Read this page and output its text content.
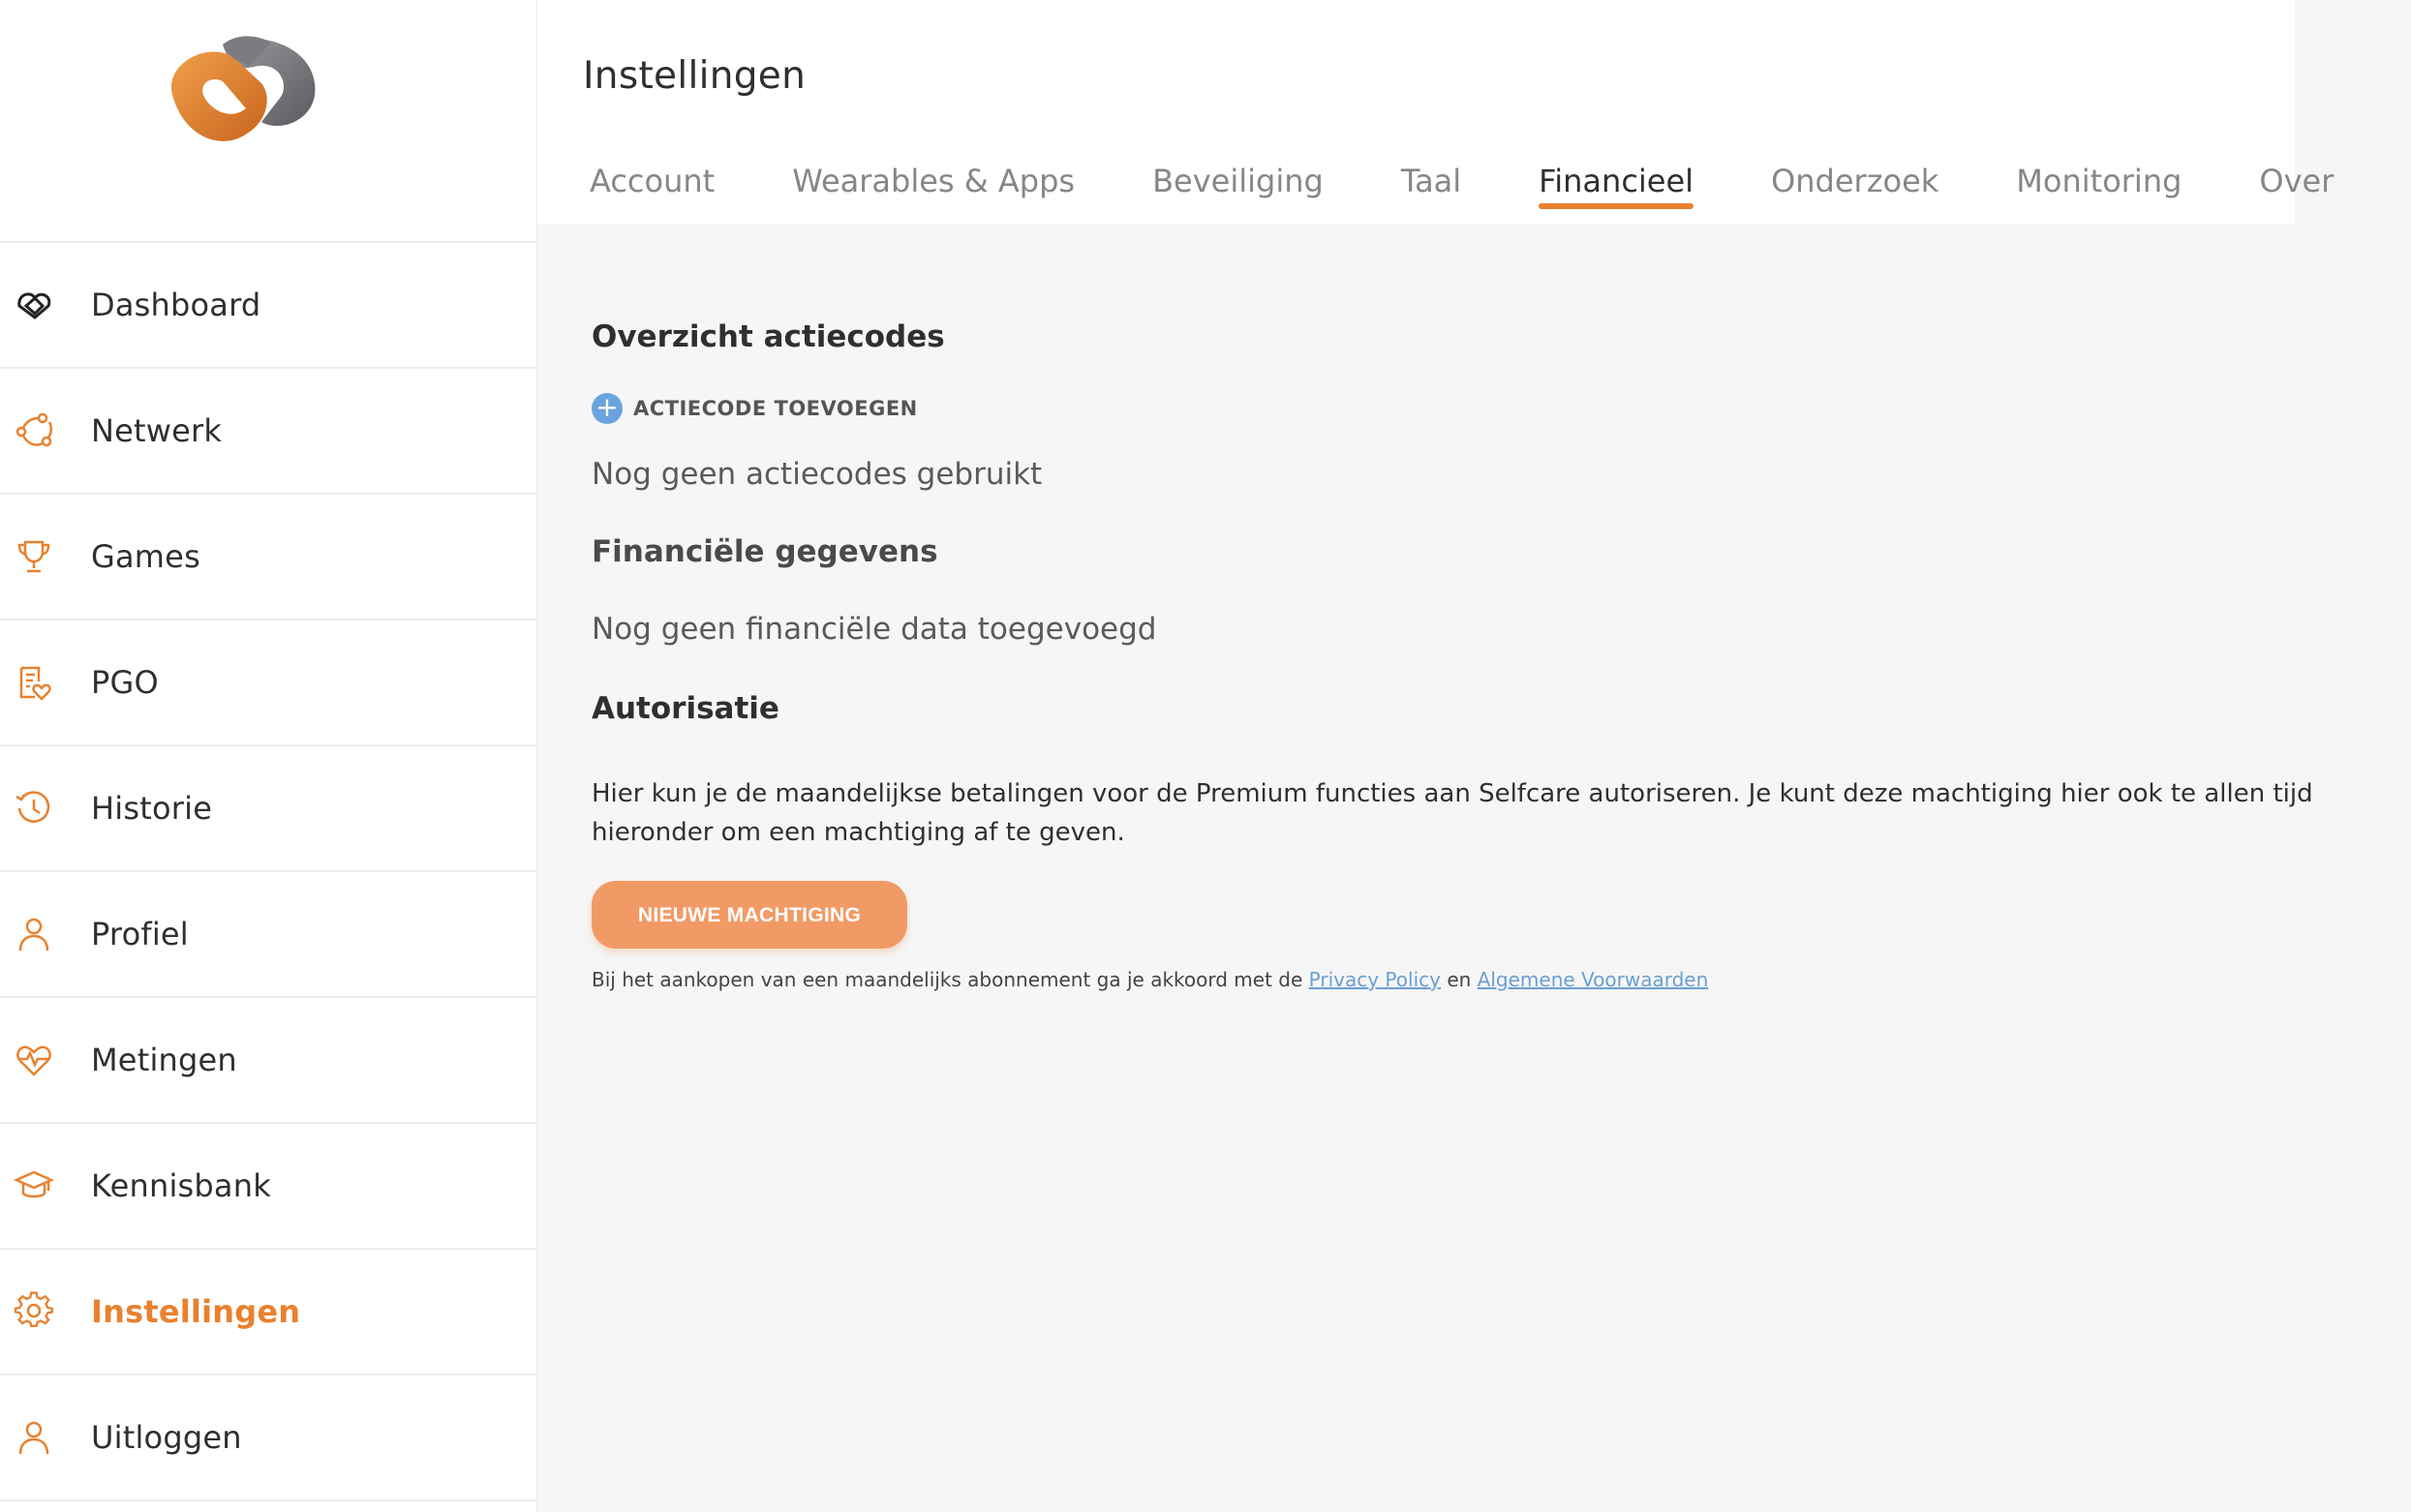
Dashboard
Netwerk
Games
PGO
Historie
Profiel
Metingen
Kennisbank
Instellingen
Uitloggen
Instellingen
Account	Wearables & Apps	Beveiliging	Taal	Financieel	Onderzoek	Monitoring	Over
Overzicht actiecodes
+ ACTIECODE TOEVOEGEN

Nog geen actiecodes gebruikt

Financiële gegevens

Nog geen financiële data toegevoegd

Autorisatie

Hier kun je de maandelijkse betalingen voor de Premium functies aan Selfcare autoriseren. Je kunt deze machtiging hier ook te allen tijd

hieronder om een machtiging af te geven.

NIEUWE MACHTIGING

Bij het aankopen van een maandelijks abonnement ga je akkoord met de Privacy Policy en Algemene Voorwaarden
